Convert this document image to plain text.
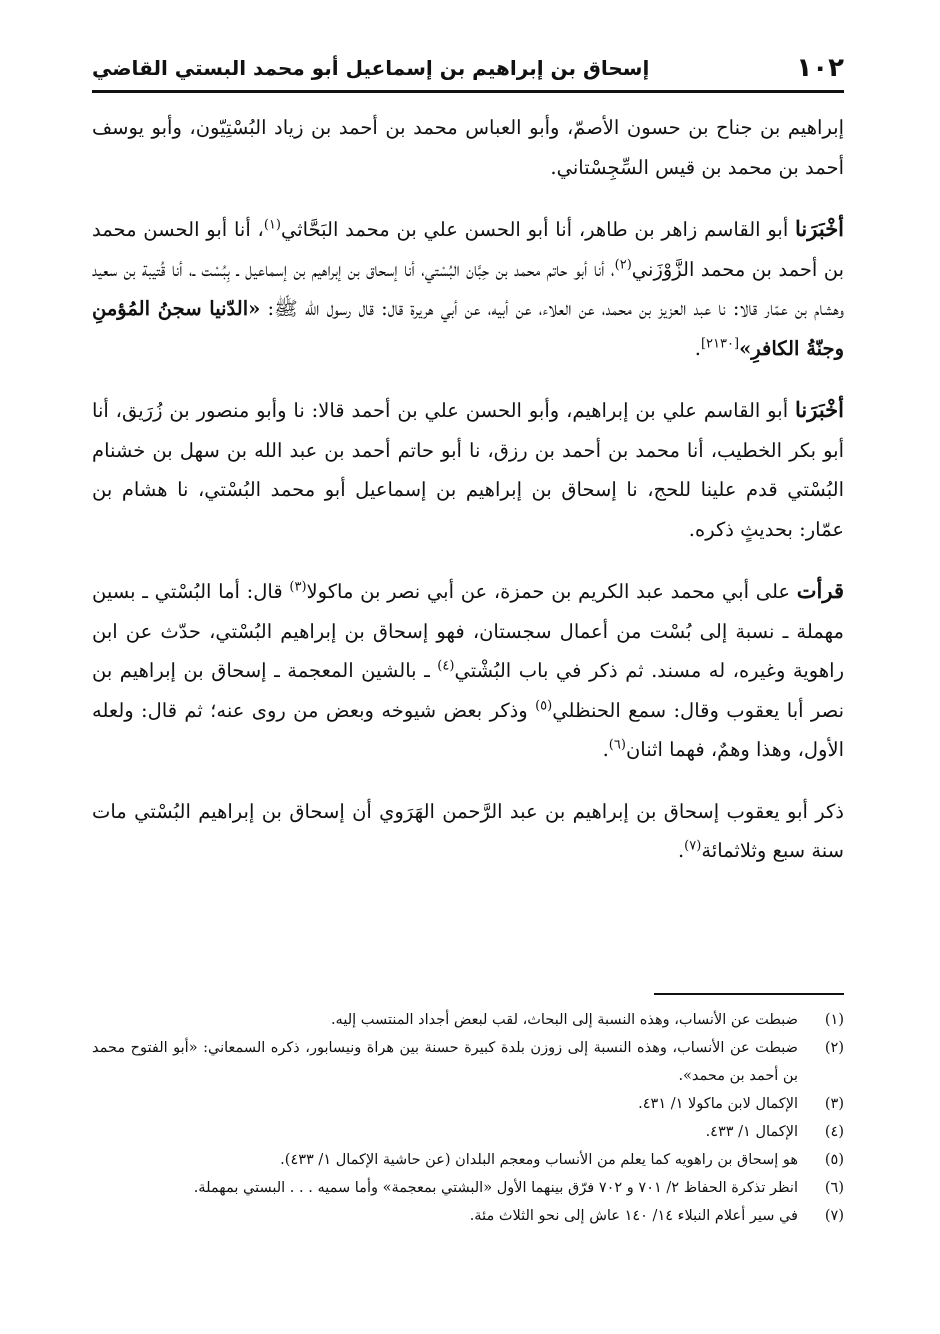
١٠٢
إسحاق بن إبراهيم بن إسماعيل أبو محمد البستي القاضي

إبراهيم بن جناح بن حسون الأصمّ، وأبو العباس محمد بن أحمد بن زياد البُسْتِيّون، وأبو يوسف أحمد بن محمد بن قيس السِّجِسْتاني.

أخْبَرَنا أبو القاسم زاهر بن طاهر، أنا أبو الحسن علي بن محمد البَحَّاثي$^{(١)}$، أنا أبو الحسن محمد بن أحمد بن محمد الزَّوْزَني$^{(٢)}$، أنا أبو حاتم محمد بن حِبَّان البُسْتي، أنا إسحاق بن إبراهيم بن إسماعيل ـ بِبُسْت ـ، أنا قُتيبة بن سعيد وهشام بن عمّار قالا: نا عبد العزيز بن محمد، عن العلاء، عن أبيه، عن أبي هريرة قال: قال رسول الله ﷺ: «الدّنيا سجنُ المُؤمنِ وجنّةُ الكافرِ»[٢١٣٠].

أخْبَرَنا أبو القاسم علي بن إبراهيم، وأبو الحسن علي بن أحمد قالا: نا وأبو منصور بن زُرَيق، أنا أبو بكر الخطيب، أنا محمد بن أحمد بن رزق، نا أبو حاتم أحمد بن عبد الله بن سهل بن خشنام البُسْتي قدم علينا للحج، نا إسحاق بن إبراهيم بن إسماعيل أبو محمد البُسْتي، نا هشام بن عمّار: بحديثٍ ذكره.

قرأت على أبي محمد عبد الكريم بن حمزة، عن أبي نصر بن ماكولا$^{(٣)}$ قال: أما البُسْتي ـ بسين مهملة ـ نسبة إلى بُسْت من أعمال سجستان، فهو إسحاق بن إبراهيم البُسْتي، حدّث عن ابن راهوية وغيره، له مسند. ثم ذكر في باب البُشْتي$^{(٤)}$ ـ بالشين المعجمة ـ إسحاق بن إبراهيم بن نصر أبا يعقوب وقال: سمع الحنظلي$^{(٥)}$ وذكر بعض شيوخه وبعض من روى عنه؛ ثم قال: ولعله الأول، وهذا وهمٌ، فهما اثنان$^{(٦)}$.

ذكر أبو يعقوب إسحاق بن إبراهيم بن عبد الرَّحمن الهَرَوي أن إسحاق بن إبراهيم البُسْتي مات سنة سبع وثلاثمائة$^{(٧)}$.

(١)
ضبطت عن الأنساب، وهذه النسبة إلى البحاث، لقب لبعض أجداد المنتسب إليه.
(٢)
ضبطت عن الأنساب، وهذه النسبة إلى زوزن بلدة كبيرة حسنة بين هراة ونيسابور، ذكره السمعاني: «أبو الفتوح محمد بن أحمد بن محمد».
(٣)
الإكمال لابن ماكولا ١/ ٤٣١.
(٤)
الإكمال ١/ ٤٣٣.
(٥)
هو إسحاق بن راهويه كما يعلم من الأنساب ومعجم البلدان (عن حاشية الإكمال ١/ ٤٣٣).
(٦)
انظر تذكرة الحفاظ ٢/ ٧٠١ و ٧٠٢ فرّق بينهما الأول «البشتي بمعجمة» وأما سميه . . . البستي بمهملة.
(٧)
في سير أعلام النبلاء ١٤/ ١٤٠ عاش إلى نحو الثلاث مئة.
